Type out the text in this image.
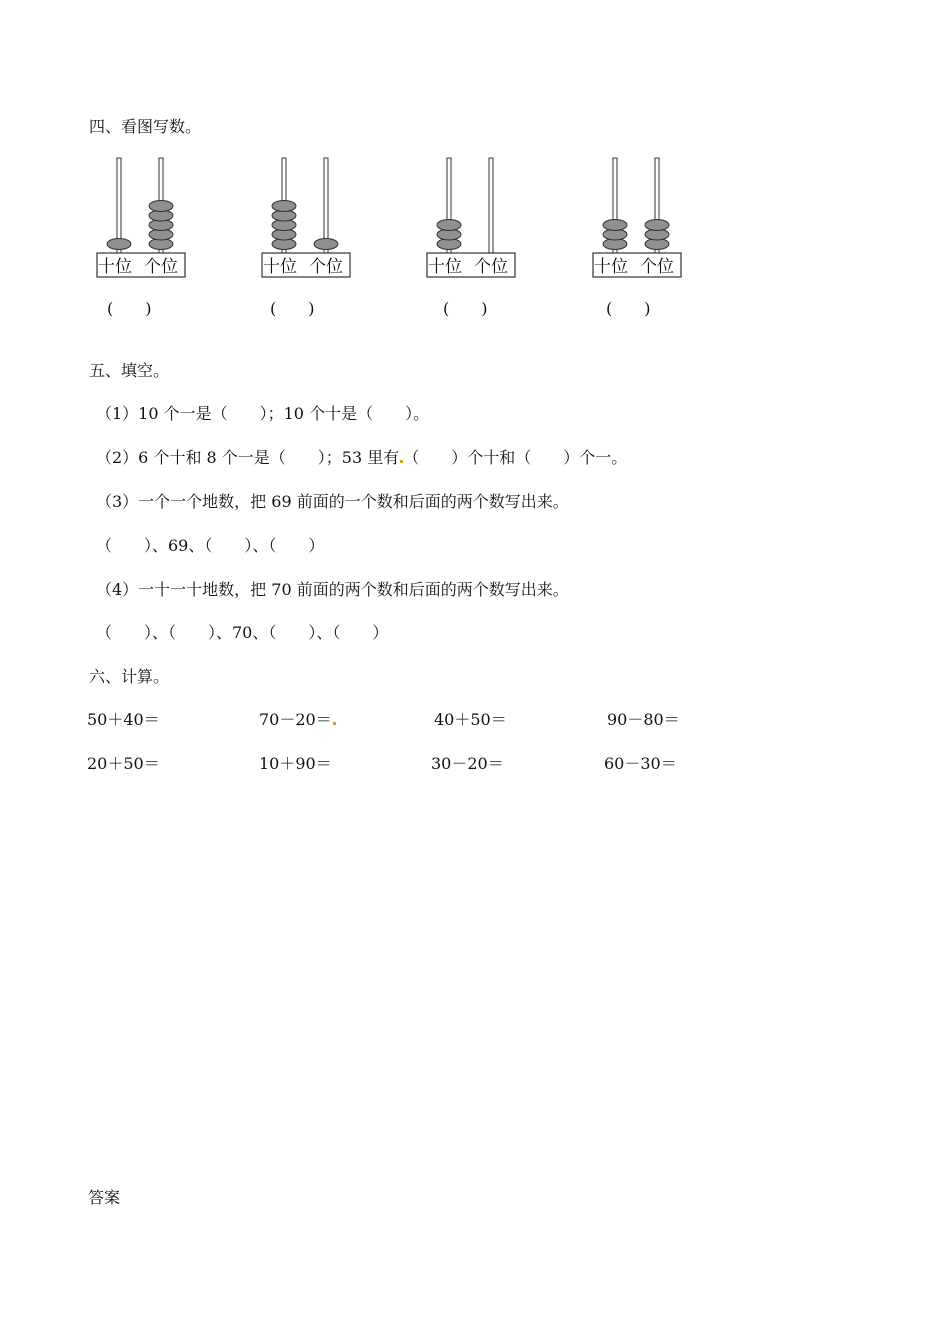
四、看图写数。
十位 个位	十位 个位	十位 个位	十位 个位
(　　)	(　　)	(　　)	(　　)
五、填空。
（1）10 个一是（　　）；10 个十是（　　）。
（2）6 个十和 8 个一是（　　）；53 里有 （　　）个十和（　　）个一。
（3）一个一个地数，把 69 前面的一个数和后面的两个数写出来。
（　　）、69、（　　）、（　　）
（4）一十一十地数，把 70 前面的两个数和后面的两个数写出来。
（　　）、（　　）、70、（　　）、（　　）
六、计算。
50＋40＝	70－20＝	40＋50＝	90－80＝
20＋50＝	10＋90＝	30－20＝	60－30＝
答案
